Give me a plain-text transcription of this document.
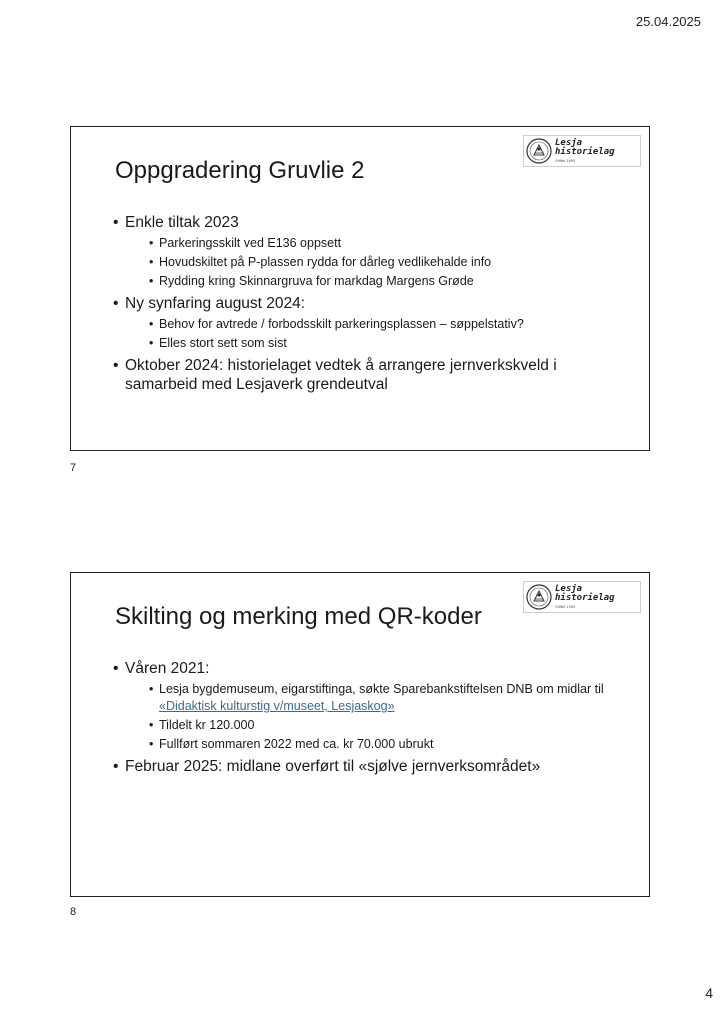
25.04.2025
Oppgradering Gruvlie 2
Lesja historielag
Stiftet 1993
• Enkle tiltak 2023
• Parkeringsskilt ved E136 oppsett
• Hovudskiltet på P-plassen rydda for dårleg vedlikehalde info
• Rydding kring Skinnargruva for markdag Margens Grøde
• Ny synfaring august 2024:
• Behov for avtrede / forbodsskilt parkeringsplassen – søppelstativ?
• Elles stort sett som sist
• Oktober 2024: historielaget vedtek å arrangere jernverkskveld i samarbeid med Lesjaverk grendeutval
7
Skilting og merking med QR-koder
Lesja historielag
Stiftet 1993
• Våren 2021:
• Lesja bygdemuseum, eigarstiftinga, søkte Sparebankstiftelsen DNB om midlar til «Didaktisk kulturstig v/museet, Lesjaskog»
• Tildelt kr 120.000
• Fullført sommaren 2022 med ca. kr 70.000 ubrukt
• Februar 2025: midlane overført til «sjølve jernverksområdet»
8
4
